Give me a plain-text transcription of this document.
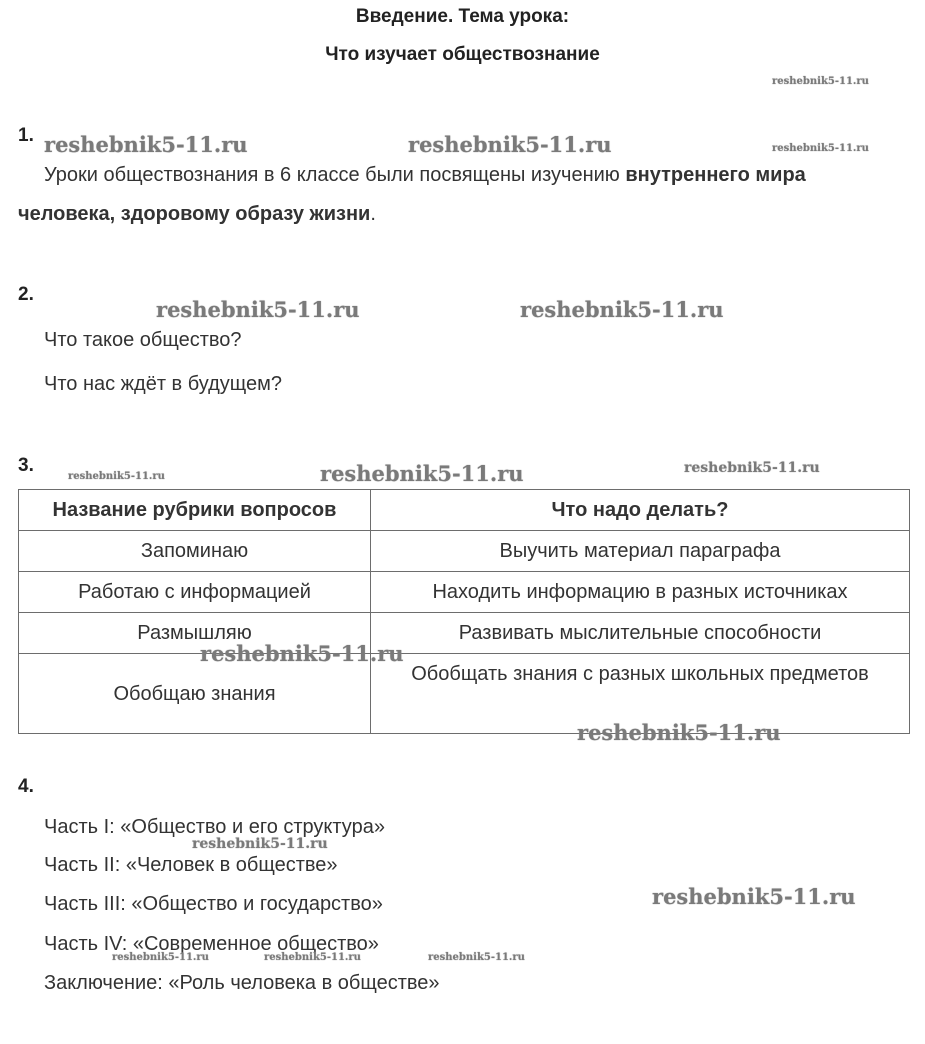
Введение. Тема урока:
Что изучает обществознание
reshebnik5-11.ru
reshebnik5-11.ru	reshebnik5-11.ru	reshebnik5-11.ru
reshebnik5-11.ru	reshebnik5-11.ru
reshebnik5-11.ru	reshebnik5-11.ru	reshebnik5-11.ru
1.
Уроки обществознания в 6 классе были посвящены изучению внутреннего мира
человека, здоровому образу жизни.
2.
Что такое общество?
Что нас ждёт в будущем?
3.
Название рубрики вопросов	Что надо делать?
Запоминаю	Выучить материал параграфа
Работаю с информацией	Находить информацию в разных источниках
Размышляю	Развивать мыслительные способности
Обобщаю знания	Обобщать знания с разных школьных предметов
reshebnik5-11.ru
reshebnik5-11.ru
4.
Часть I: «Общество и его структура»
reshebnik5-11.ru
Часть II: «Человек в обществе»
Часть III: «Общество и государство»	reshebnik5-11.ru
Часть IV: «Современное общество»
reshebnik5-11.ru	reshebnik5-11.ru	reshebnik5-11.ru
Заключение: «Роль человека в обществе»
